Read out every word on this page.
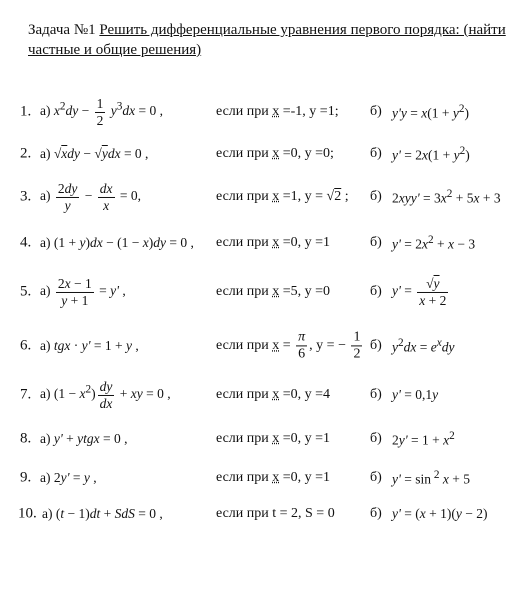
Задача №1 Решить дифференциальные уравнения первого порядка: (найти частные и общие решения)
1. а) $x^2dy - \frac{1}{2} y^3dx = 0$ ,	если при x =-1, y =1; б) $y'y = x(1 + y^2)$
2. а) √xdy − √ydx = 0 ,	если при x =0, y =0;	б) $y' = 2x(1 + y^2)$
3. $а) \frac{2dy}{y} - \frac{dx}{x} = 0$,	если при x =1, y = √2 ; б) $2xyy' = 3x^2 + 5x + 3$
4. а) (1 + y)dx − (1 − x)dy = 0 , если при x =0, y =1	б) $y' = 2x^2 + x - 3$
5. $а) \frac{2x - 1}{y + 1} = y'$ ,	если при x =5, y =0	б) $y' = \frac{√y}{x + 2}$
6. а) tgx · y' = 1 + y ,	если при $x = \frac{\pi}{6}$ , y = − $\frac{1}{2} б$) $y^2dx = e^xdy$
7. а) $(1 - x^2) \frac{dy}{dx}$ + xy = 0 ,	если при x =0, y =4	б) y' = 0,1y
8. а) y' + ytgx = 0 ,	если при x =0, y =1	б) $2y' = 1 + x^2$
9. а) 2y' = y ,	если при x =0, y =1	б) y' = sin $^2$ x + 5
10. а) (t − 1)dt + SdS = 0 ,	если при t = 2, S = 0	б) y' = (x + 1)(y − 2)
